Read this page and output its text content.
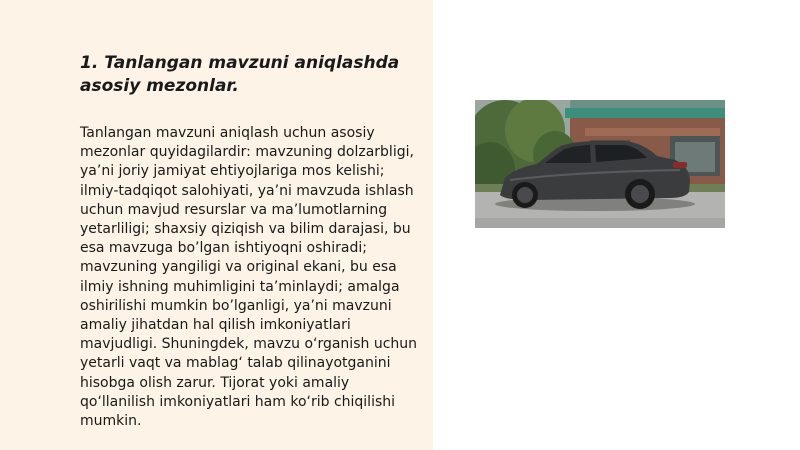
1. Tanlangan mavzuni aniqlashda asosiy mezonlar.

Tanlangan mavzuni aniqlash uchun asosiy mezonlar quyidagilardir: mavzuning dolzarbligi, ya’ni joriy jamiyat ehtiyojlariga mos kelishi; ilmiy-tadqiqot salohiyati, ya’ni mavzuda ishlash uchun mavjud resurslar va ma’lumotlarning yetarliligi; shaxsiy qiziqish va bilim darajasi, bu esa mavzuga bo’lgan ishtiyoqni oshiradi; mavzuning yangiligi va original ekani, bu esa ilmiy ishning muhimligini ta’minlaydi; amalga oshirilishi mumkin bo’lganligi, ya’ni mavzuni amaliy jihatdan hal qilish imkoniyatlari mavjudligi. Shuningdek, mavzu o‘rganish uchun yetarli vaqt va mablag‘ talab qilinayotganini hisobga olish zarur. Tijorat yoki amaliy qo‘llanilish imkoniyatlari ham ko‘rib chiqilishi mumkin.
